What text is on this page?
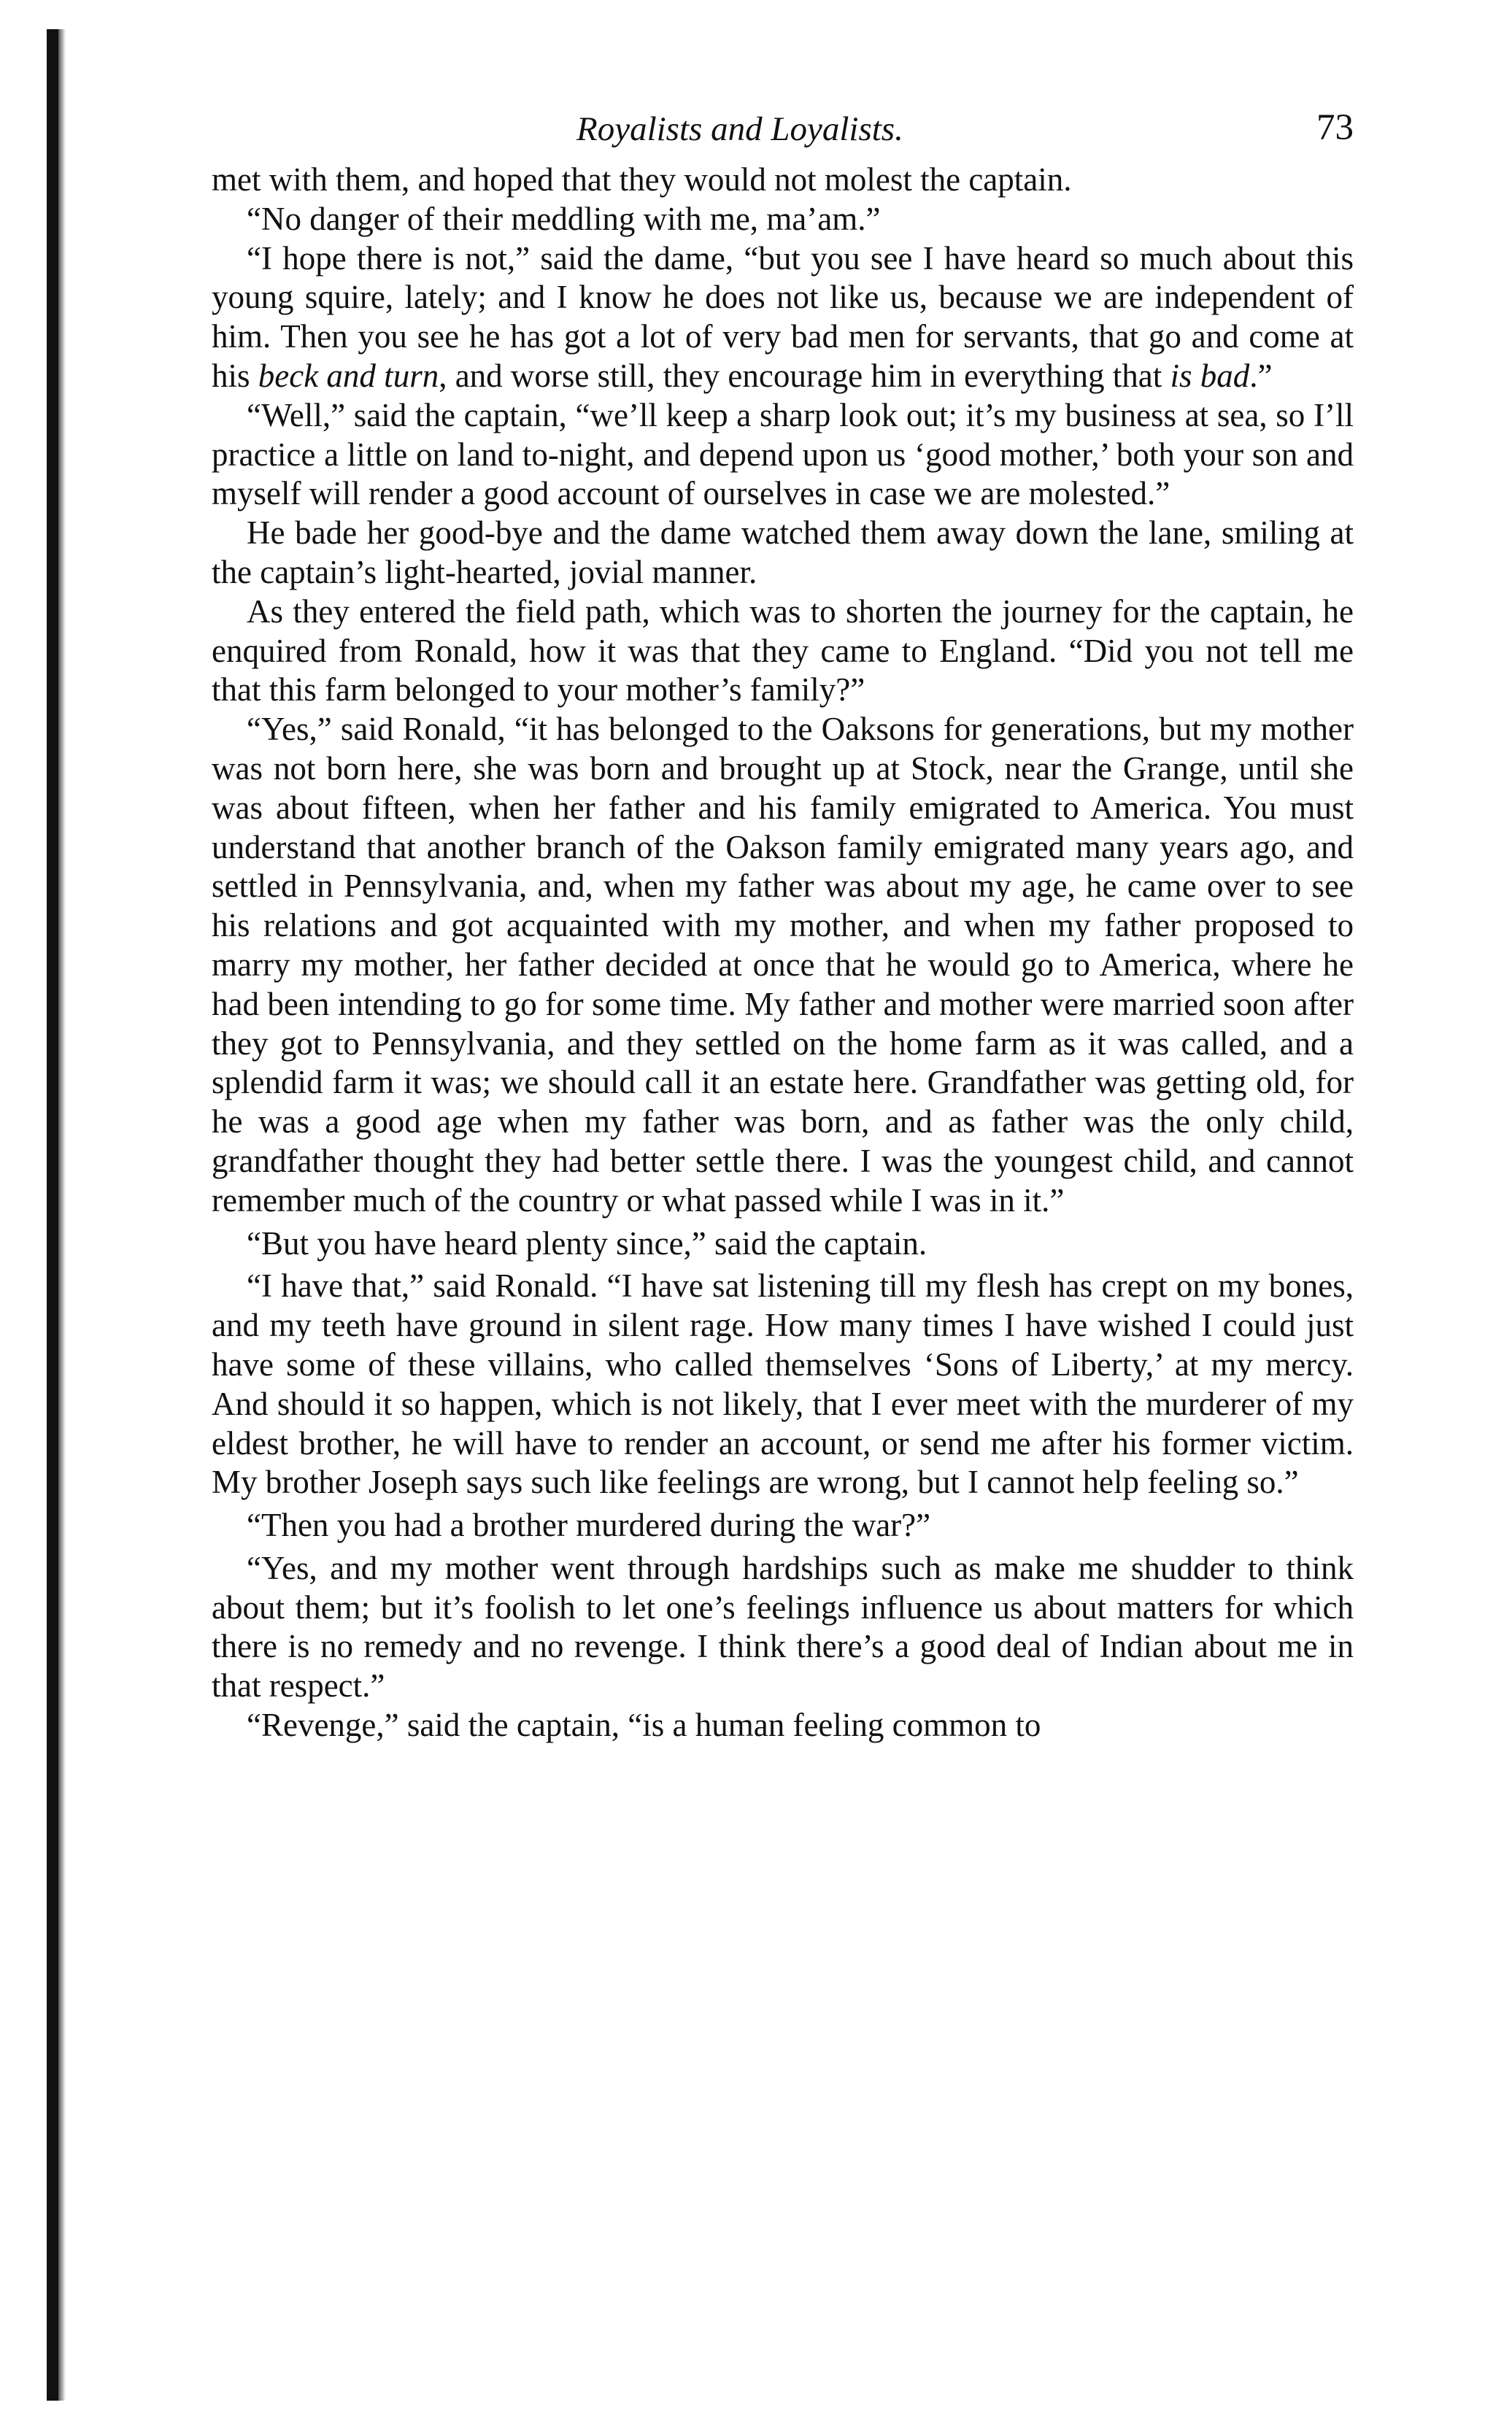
Royalists and Loyalists.	73

met with them, and hoped that they would not molest the captain.

“No danger of their meddling with me, ma’am.”

“I hope there is not,” said the dame, “but you see I have heard so much about this young squire, lately; and I know he does not like us, because we are independent of him. Then you see he has got a lot of very bad men for servants, that go and come at his beck and turn, and worse still, they encourage him in everything that is bad.”

“Well,” said the captain, “we’ll keep a sharp look out; it’s my business at sea, so I’ll practice a little on land to-night, and depend upon us ‘good mother,’ both your son and myself will render a good account of ourselves in case we are molested.”

He bade her good-bye and the dame watched them away down the lane, smiling at the captain’s light-hearted, jovial manner.

As they entered the field path, which was to shorten the journey for the captain, he enquired from Ronald, how it was that they came to England. “Did you not tell me that this farm belonged to your mother’s family?”

“Yes,” said Ronald, “it has belonged to the Oaksons for generations, but my mother was not born here, she was born and brought up at Stock, near the Grange, until she was about fifteen, when her father and his family emigrated to America. You must understand that another branch of the Oakson family emigrated many years ago, and settled in Pennsylvania, and, when my father was about my age, he came over to see his relations and got acquainted with my mother, and when my father proposed to marry my mother, her father decided at once that he would go to America, where he had been intending to go for some time. My father and mother were married soon after they got to Pennsylvania, and they settled on the home farm as it was called, and a splendid farm it was; we should call it an estate here. Grandfather was getting old, for he was a good age when my father was born, and as father was the only child, grandfather thought they had better settle there. I was the youngest child, and cannot remember much of the country or what passed while I was in it.”

“But you have heard plenty since,” said the captain.

“I have that,” said Ronald. “I have sat listening till my flesh has crept on my bones, and my teeth have ground in silent rage. How many times I have wished I could just have some of these villains, who called themselves ‘Sons of Liberty,’ at my mercy. And should it so happen, which is not likely, that I ever meet with the murderer of my eldest brother, he will have to render an account, or send me after his former victim. My brother Joseph says such like feelings are wrong, but I cannot help feeling so.”

“Then you had a brother murdered during the war?”

“Yes, and my mother went through hardships such as make me shudder to think about them; but it’s foolish to let one’s feelings influence us about matters for which there is no remedy and no revenge. I think there’s a good deal of Indian about me in that respect.”

“Revenge,” said the captain, “is a human feeling common to
